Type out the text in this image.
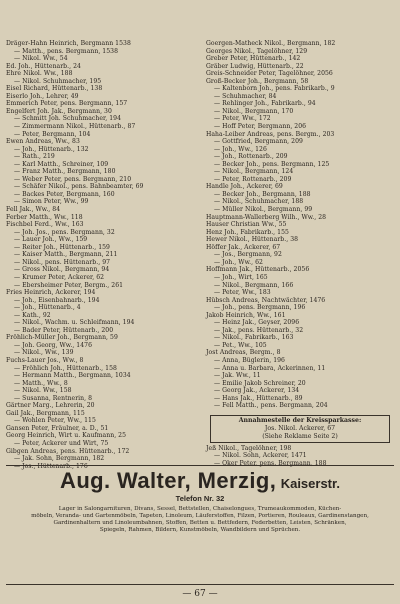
Dräger-Hahn Heinrich, Bergmann 1538
— Matth., pens. Bergmann, 1538
— Nikol. Ww., 54
Ed. Joh., Hüttenarb., 24
Ehre Nikol. Ww., 188
— Nikol. Schuhmacher, 195
Eisel Richard, Hüttenarb., 138
Eiserlo Joh., Lehrer, 49
Emmerich Peter, pens. Bergmann, 157
Engelfert Joh. Jak., Bergmann, 30
— Schmitt Joh. Schuhmacher, 194
— Zimmermann Nikol., Hüttenarb., 87
— Peter, Bergmann, 104
Ewen Andreas, Ww., 83
— Joh., Hüttenarb., 132
— Rath., 219
— Karl Matth., Schreiner, 109
— Franz Matth., Bergmann, 180
— Weber Peter, pens. Bergmann, 210
— Schäfer Nikol., pens. Bahnbeamter, 69
— Backes Peter, Bergmann, 160
— Simon Peter, Ww., 99
Fell Jak., Ww., 84
Ferber Matth., Ww., 118
Fischbel Ferd., Ww., 163
— Joh. Jos., pens. Bergmann, 32
— Lauer Joh., Ww., 159
— Reiter Joh., Hüttenarb., 159
— Kaiser Matth., Bergmann, 211
— Nikol., pens. Hüttenarb., 97
— Gross Nikol., Bergmann, 94
— Krumer Peter, Ackerer, 62
— Ebersheimer Peter, Bergm., 261
Fries Heinrich, Ackerer, 194
— Joh., Eisenbahnarb., 194
— Joh., Hüttenarb., 4
— Kath., 92
— Nikol., Wachm. u. Schleifmann, 194
— Bader Peter, Hüttenarb., 200
Fröhlich-Müller Joh., Bergmann, 59
— Joh. Georg, Ww., 1476
— Nikol., Ww., 139
Fuchs-Lauer Jos., Ww., 8
— Fröhlich Joh., Hüttenarb., 158
— Hermann Matth., Bergmann, 1034
— Matth., Ww., 8
— Nikol. Ww., 158
— Susanna, Rentnerin, 8
Gärtner Marg., Lehrerin, 20
Gail Jak., Bergmann, 115
— Wohlen Peter, Ww., 115
Gansen Peter, Fräulner, a. D., 51
Georg Heinrich, Wirt u. Kaufmann, 25
— Peter, Ackerer und Wirt, 75
Gibgen Andreas, pens. Hüttenarb., 172
— Jak. Sohn, Bergmann, 182
— Jos., Hüttenarb., 176
Goergen-Matheck Nikol., Bergmann, 182
Georges Nikol., Tagelöhner, 129
Greber Peter, Hüttenarb., 142
Gräber Ludwig, Hüttenarb., 22
Greis-Schneider Peter, Tagelöhner, 2056
Groß-Becker Joh., Bergmann, 58
— Kaltenborn Joh., pens. Fabrikarb., 9
— Schuhmacher, 84
— Rehlinger Joh., Fabrikarb., 94
— Nikol., Bergmann, 170
— Peter, Ww., 172
— Hoff Peter, Bergmann, 206
Haha-Leiber Andreas, pens. Bergm., 203
— Gottfried, Bergmann, 209
— Joh., Ww., 126
— Joh., Rottenarb., 209
— Becker Joh., pens. Bergmann, 125
— Nikol., Bergmann, 124
— Peter, Rottenarb., 209
Handle Joh., Ackerer, 69
— Becker Joh., Bergmann, 188
— Nikol., Schuhmacher, 188
— Müller Nikol., Bergmann, 99
Hauptmann-Wallerberg Wilh., Ww., 28
Hauser Christian Ww., 55
Henz Joh., Fabrikarb., 155
Hewer Nikol., Hüttenarb., 38
Höffer Jak., Ackerer, 67
— Jos., Bergmann, 92
— Joh., Ww., 62
Hoffmann Jak., Hüttenarb., 2056
— Joh., Wirt, 165
— Nikol., Bergmann, 166
— Peter, Ww., 183
Hübsch Andreas, Nachtwächter, 1476
— Joh., pens. Bergmann, 196
Jakob Heinrich, Ww., 161
— Heinz Jak., Geyser, 2096
— Jak., pens. Hüttenarb., 32
— Nikol., Fabrikarb., 163
— Pet., Ww., 105
Jost Andreas, Bergm., 8
— Anna, Büglerin, 196
— Anna u. Barbara, Ackerinnen, 11
— Jak. Ww., 11
— Emilie Jakob Schreiner, 20
— Georg Jak., Ackerer, 134
— Hans Jak., Hüttenarb., 89
— Fell Matth., pens. Bergmann, 204
Annahmestelle der Kreissparkasse:
Jos. Nikol. Ackerer, 67
(Siehe Reklame Seite 2)
Jeß Nikol., Tagelöhner, 198
— Nikol. Sohn, Ackerer, 1471
— Oker Peter, pens. Bergmann, 188
Aug. Walter, Merzig, Kaiserstr.
Telefon Nr. 32
Lager in Salongarnituren, Divans, Sessel, Bettstellen, Chaiselongues, Trumeaukommoden, Küchen-
möbeln, Veranda- und Gartenmöbeln, Tapeten, Linoleum, Läuferstoffen, Filzen, Portieren, Rouleaux, Gardinenstangen,
Gardinenhaltern und Linoleumbahnen, Stoffen, Betten u. Bettfedern, Federbetten, Leisten, Schränken,
Spiegeln, Rahmen, Bildern, Kunstmöbeln, Wandbildern und Sprüchen.
— 67 —
